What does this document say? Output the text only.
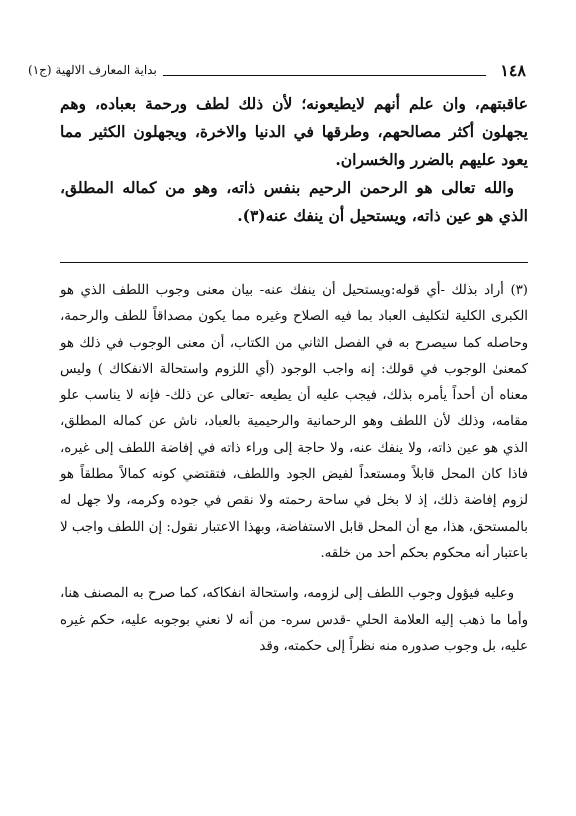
١٤٨
بداية المعارف الالهية (ج١)

عاقبتهم، وان علم أنهم لايطيعونه؛ لأن ذلك لطف ورحمة بعباده، وهم يجهلون أكثر مصالحهم، وطرقها في الدنيا والاخرة، ويجهلون الكثير مما يعود عليهم بالضرر والخسران.

والله تعالى هو الرحمن الرحيم بنفس ذاته، وهو من كماله المطلق، الذي هو عين ذاته، ويستحيل أن ينفك عنه(٣).

(٣) أراد بذلك -أي قوله:ويستحيل أن ينفك عنه- بيان معنى وجوب اللطف الذي هو الكبرى الكلية لتكليف العباد بما فيه الصلاح وغيره مما يكون مصداقاً للطف والرحمة، وحاصله كما سيصرح به في الفصل الثاني من الكتاب، أن معنى الوجوب في ذلك هو كمعنىٰ الوجوب في قولك: إنه واجب الوجود (أي اللزوم واستحالة الانفكاك ) وليس معناه أن أحداً يأمره بذلك، فيجب عليه أن يطيعه -تعالى عن ذلك- فإنه لا يناسب علو مقامه، وذلك لأن اللطف وهو الرحمانية والرحيمية بالعباد، ناش عن كماله المطلق، الذي هو عين ذاته، ولا ينفك عنه، ولا حاجة إلى وراء ذاته في إفاضة اللطف إلى غيره، فاذا كان المحل قابلاً ومستعداً لفيض الجود واللطف، فتقتضي كونه كمالاً مطلقاً هو لزوم إفاضة ذلك، إذ لا بخل في ساحة رحمته ولا نقص في جوده وكرمه، ولا جهل له بالمستحق، هذا، مع أن المحل قابل الاستفاضة، وبهذا الاعتبار نقول: إن اللطف واجب لا باعتبار أنه محكوم بحكم أحد من خلقه.

وعليه فيؤول وجوب اللطف إلى لزومه، واستحالة انفكاكه، كما صرح به المصنف هنا، وأما ما ذهب إليه العلامة الحلي -قدس سره- من أنه لا نعني بوجوبه عليه، حكم غيره عليه، بل وجوب صدوره منه نظراً إلى حكمته، وقد
